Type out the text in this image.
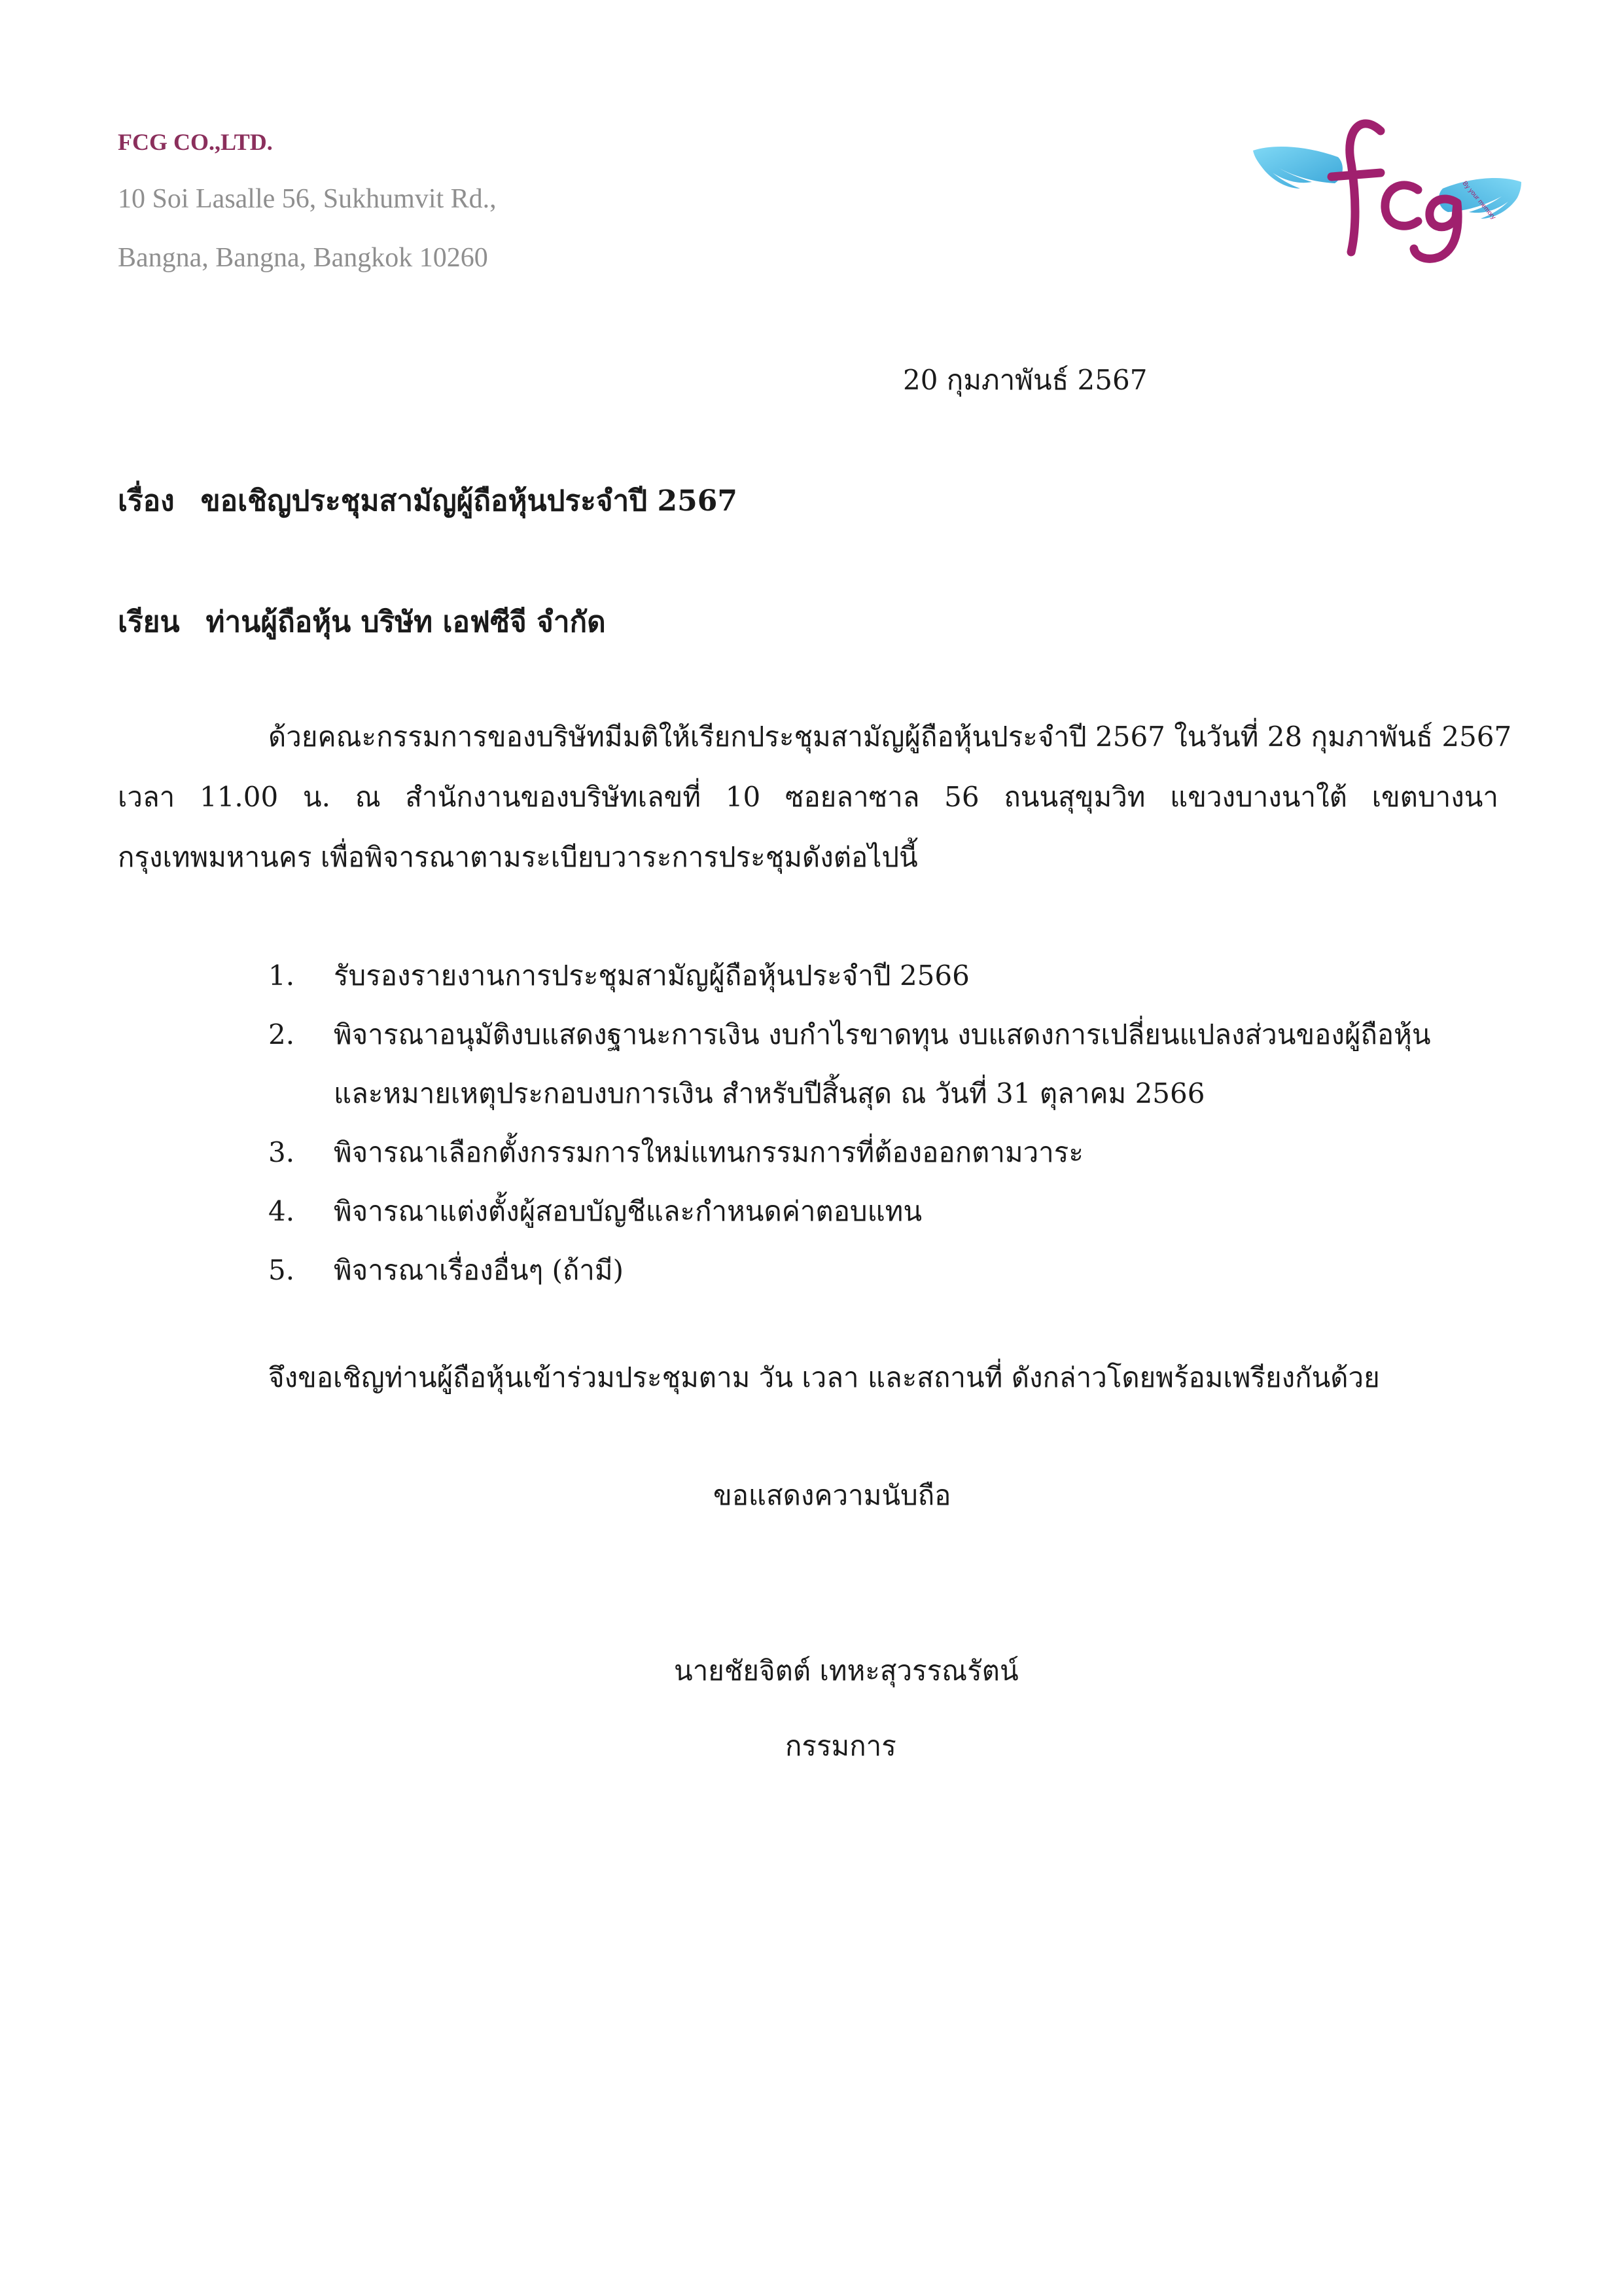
FCG CO.,LTD.
10 Soi Lasalle 56, Sukhumvit Rd.,
Bangna, Bangna, Bangkok 10260
By your memory
20 กุมภาพันธ์ 2567
เรื่อง ขอเชิญประชุมสามัญผู้ถือหุ้นประจำปี 2567
เรียน ท่านผู้ถือหุ้น บริษัท เอฟซีจี จำกัด
ด้วยคณะกรรมการของบริษัทมีมติให้เรียกประชุมสามัญผู้ถือหุ้นประจำปี 2567 ในวันที่ 28 กุมภาพันธ์ 2567
เวลา 11.00 น. ณ สำนักงานของบริษัทเลขที่ 10 ซอยลาซาล 56 ถนนสุขุมวิท แขวงบางนาใต้ เขตบางนา
กรุงเทพมหานคร เพื่อพิจารณาตามระเบียบวาระการประชุมดังต่อไปนี้
1. รับรองรายงานการประชุมสามัญผู้ถือหุ้นประจำปี 2566
2. พิจารณาอนุมัติงบแสดงฐานะการเงิน งบกำไรขาดทุน งบแสดงการเปลี่ยนแปลงส่วนของผู้ถือหุ้น
และหมายเหตุประกอบงบการเงิน สำหรับปีสิ้นสุด ณ วันที่ 31 ตุลาคม 2566
3. พิจารณาเลือกตั้งกรรมการใหม่แทนกรรมการที่ต้องออกตามวาระ
4. พิจารณาแต่งตั้งผู้สอบบัญชีและกำหนดค่าตอบแทน
5. พิจารณาเรื่องอื่นๆ (ถ้ามี)
จึงขอเชิญท่านผู้ถือหุ้นเข้าร่วมประชุมตาม วัน เวลา และสถานที่ ดังกล่าวโดยพร้อมเพรียงกันด้วย
ขอแสดงความนับถือ
นายชัยจิตต์ เทหะสุวรรณรัตน์
กรรมการ
